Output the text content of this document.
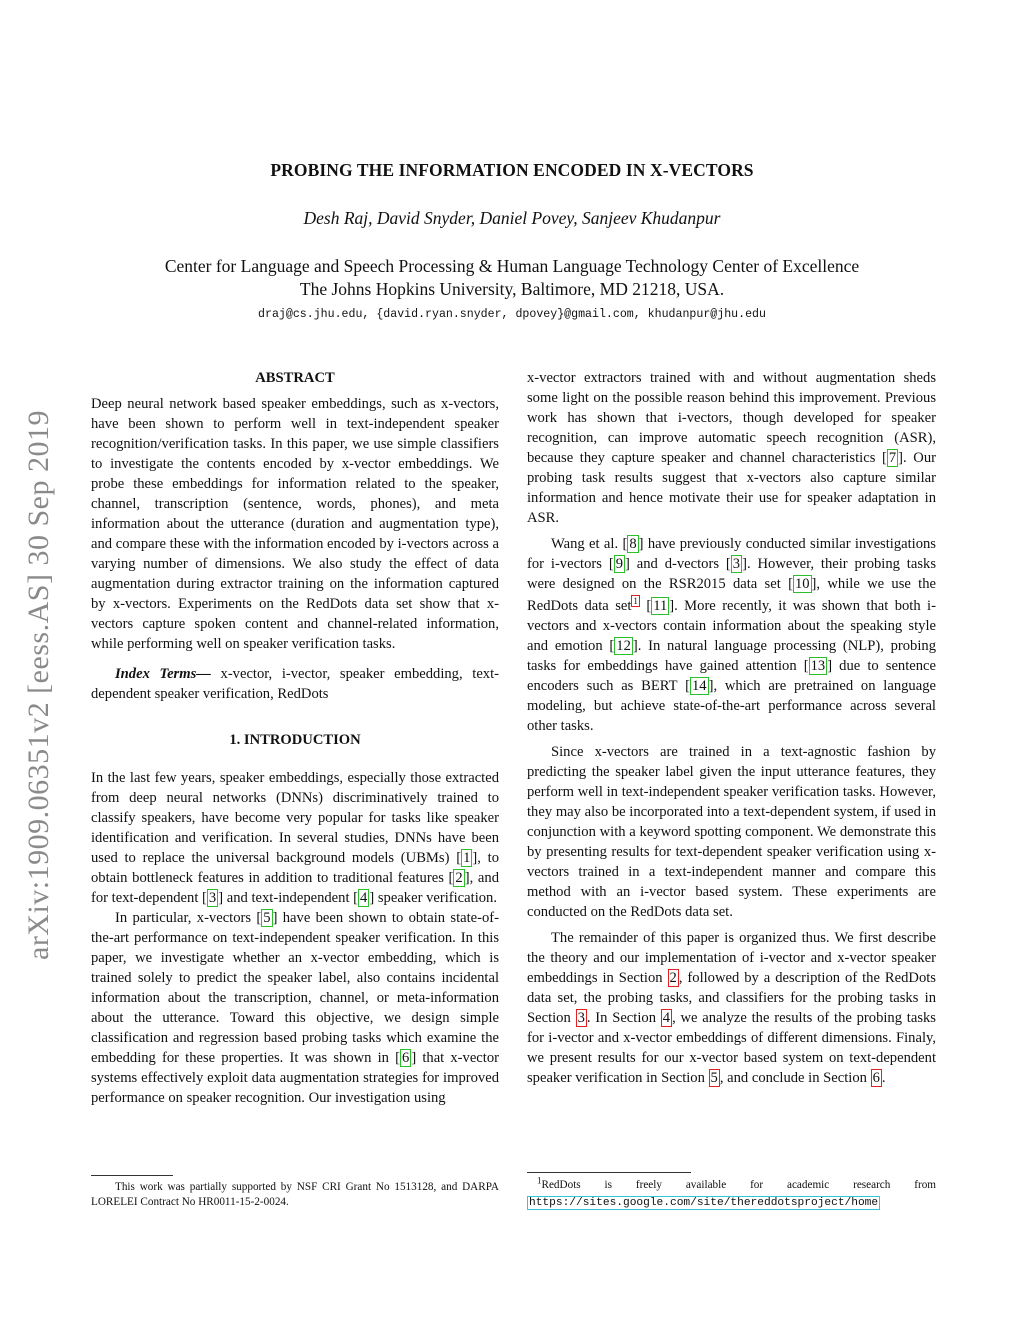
arXiv:1909.06351v2 [eess.AS] 30 Sep 2019
PROBING THE INFORMATION ENCODED IN X-VECTORS
Desh Raj, David Snyder, Daniel Povey, Sanjeev Khudanpur
Center for Language and Speech Processing & Human Language Technology Center of Excellence
The Johns Hopkins University, Baltimore, MD 21218, USA.
draj@cs.jhu.edu, {david.ryan.snyder, dpovey}@gmail.com, khudanpur@jhu.edu
ABSTRACT

Deep neural network based speaker embeddings, such as x-vectors, have been shown to perform well in text-independent speaker recognition/verification tasks. In this paper, we use simple classifiers to investigate the contents encoded by x-vector embeddings. We probe these embeddings for information related to the speaker, channel, transcription (sentence, words, phones), and meta information about the utterance (duration and augmentation type), and compare these with the information encoded by i-vectors across a varying number of dimensions. We also study the effect of data augmentation during extractor training on the information captured by x-vectors. Experiments on the RedDots data set show that x-vectors capture spoken content and channel-related information, while performing well on speaker verification tasks.

Index Terms— x-vector, i-vector, speaker embedding, text-dependent speaker verification, RedDots

1. INTRODUCTION

In the last few years, speaker embeddings, especially those extracted from deep neural networks (DNNs) discriminatively trained to classify speakers, have become very popular for tasks like speaker identification and verification. In several studies, DNNs have been used to replace the universal background models (UBMs) [ 1 ], to obtain bottleneck features in addition to traditional features [ 2 ], and for text-dependent [ 3 ] and text-independent [ 4 ] speaker verification.

In particular, x-vectors [ 5 ] have been shown to obtain state-of-the-art performance on text-independent speaker verification. In this paper, we investigate whether an x-vector embedding, which is trained solely to predict the speaker label, also contains incidental information about the transcription, channel, or meta-information about the utterance. Toward this objective, we design simple classification and regression based probing tasks which examine the embedding for these properties. It was shown in [ 6 ] that x-vector systems effectively exploit data augmentation strategies for improved performance on speaker recognition. Our investigation using

This work was partially supported by NSF CRI Grant No 1513128, and DARPA LORELEI Contract No HR0011-15-2-0024.

x-vector extractors trained with and without augmentation sheds some light on the possible reason behind this improvement. Previous work has shown that i-vectors, though developed for speaker recognition, can improve automatic speech recognition (ASR), because they capture speaker and channel characteristics [ 7 ]. Our probing task results suggest that x-vectors also capture similar information and hence motivate their use for speaker adaptation in ASR.

Wang et al. [ 8 ] have previously conducted similar investigations for i-vectors [ 9 ] and d-vectors [ 3 ]. However, their probing tasks were designed on the RSR2015 data set [ 10 ], while we use the RedDots data set $^1$ [ 11 ]. More recently, it was shown that both i-vectors and x-vectors contain information about the speaking style and emotion [ 12 ]. In natural language processing (NLP), probing tasks for embeddings have gained attention [ 13 ] due to sentence encoders such as BERT [ 14 ], which are pretrained on language modeling, but achieve state-of-the-art performance across several other tasks.

Since x-vectors are trained in a text-agnostic fashion by predicting the speaker label given the input utterance features, they perform well in text-independent speaker verification tasks. However, they may also be incorporated into a text-dependent system, if used in conjunction with a keyword spotting component. We demonstrate this by presenting results for text-dependent speaker verification using x-vectors trained in a text-independent manner and compare this method with an i-vector based system. These experiments are conducted on the RedDots data set.

The remainder of this paper is organized thus. We first describe the theory and our implementation of i-vector and x-vector speaker embeddings in Section 2 , followed by a description of the RedDots data set, the probing tasks, and classifiers for the probing tasks in Section 3 . In Section 4 , we analyze the results of the probing tasks for i-vector and x-vector embeddings of different dimensions. Finaly, we present results for our x-vector based system on text-dependent speaker verification in Section 5 , and conclude in Section 6 .

$^1$RedDots is freely available for academic research from https://sites.google.com/site/thereddotsproject/home
